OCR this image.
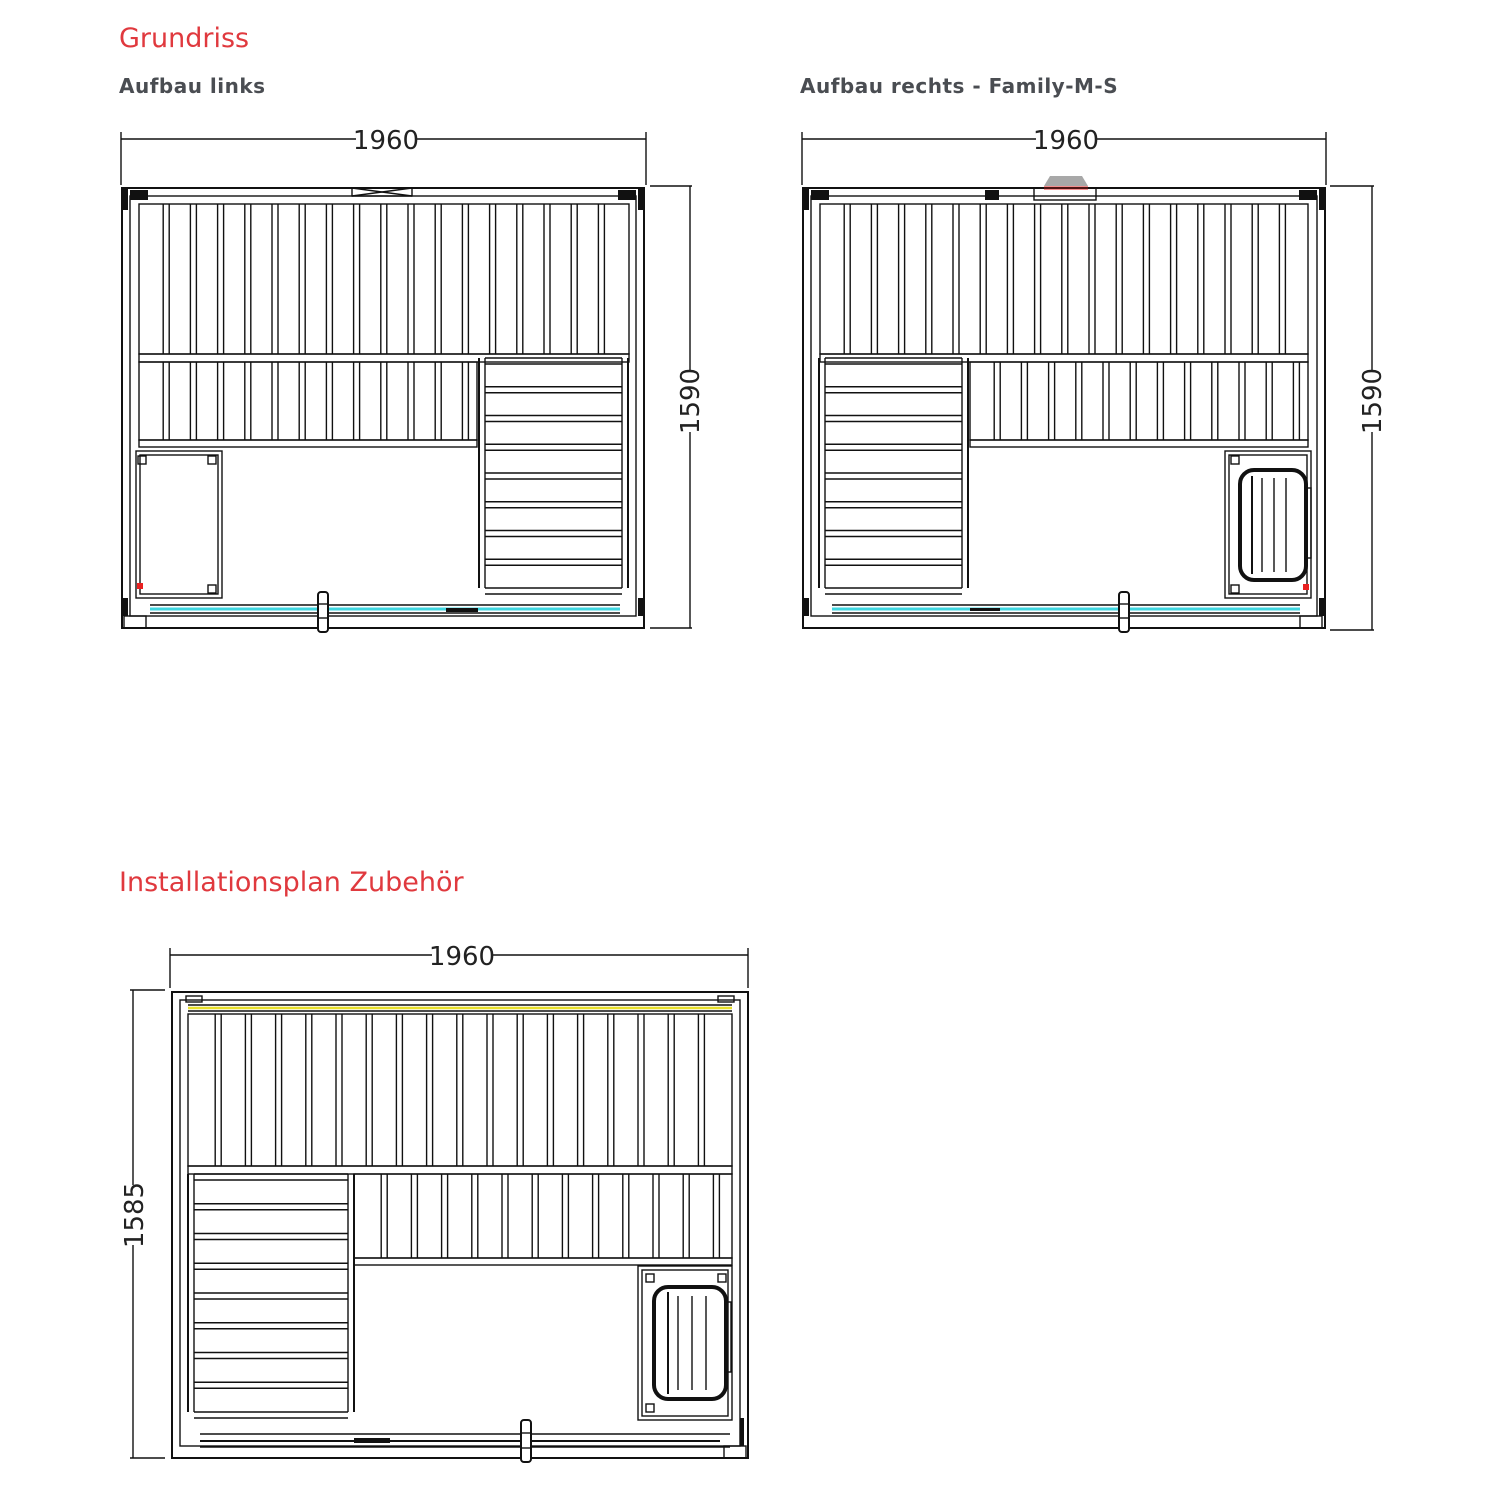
Grundriss
Aufbau links	Aufbau rechts - Family-M-S
Installationsplan Zubehör
1960
1590
1960
1590
1960
1585
